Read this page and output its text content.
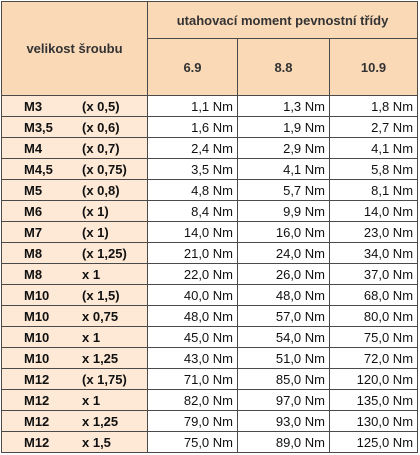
velikost šroubu	utahovací moment pevnostní třídy		
	6.9	8.8	10.9
M3 (x 0,5)	1,1 Nm	1,3 Nm	1,8 Nm
M3,5 (x 0,6)	1,6 Nm	1,9 Nm	2,7 Nm
M4 (x 0,7)	2,4 Nm	2,9 Nm	4,1 Nm
M4,5 (x 0,75)	3,5 Nm	4,1 Nm	5,8 Nm
M5 (x 0,8)	4,8 Nm	5,7 Nm	8,1 Nm
M6 (x 1)	8,4 Nm	9,9 Nm	14,0 Nm
M7 (x 1)	14,0 Nm	16,0 Nm	23,0 Nm
M8 (x 1,25)	21,0 Nm	24,0 Nm	34,0 Nm
M8 x 1	22,0 Nm	26,0 Nm	37,0 Nm
M10 (x 1,5)	40,0 Nm	48,0 Nm	68,0 Nm
M10 x 0,75	48,0 Nm	57,0 Nm	80,0 Nm
M10 x 1	45,0 Nm	54,0 Nm	75,0 Nm
M10 x 1,25	43,0 Nm	51,0 Nm	72,0 Nm
M12 (x 1,75)	71,0 Nm	85,0 Nm	120,0 Nm
M12 x 1	82,0 Nm	97,0 Nm	135,0 Nm
M12 x 1,25	79,0 Nm	93,0 Nm	130,0 Nm
M12 x 1,5	75,0 Nm	89,0 Nm	125,0 Nm
